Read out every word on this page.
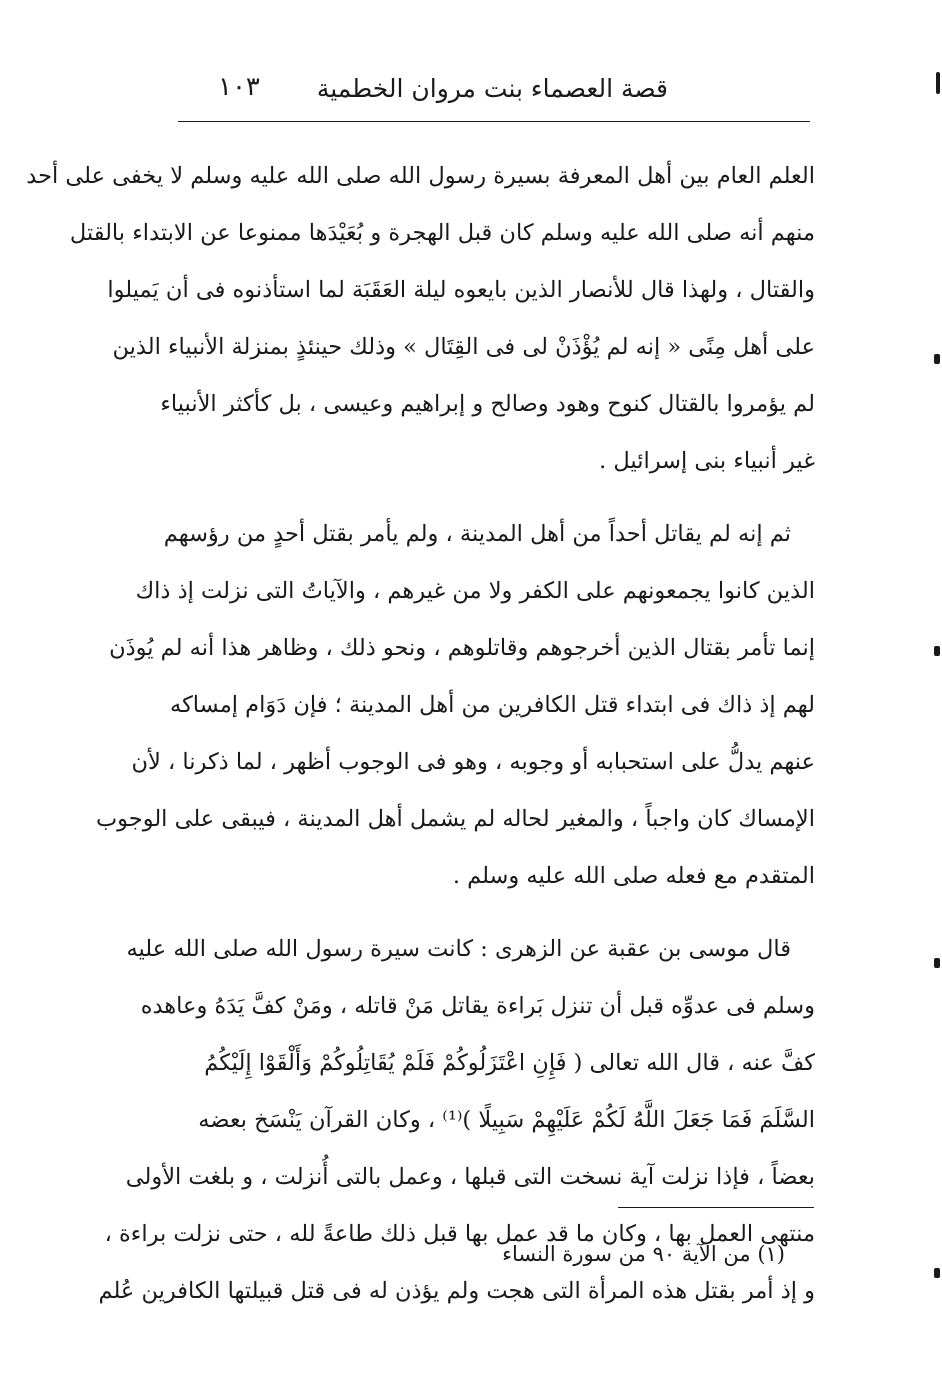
قصة العصماء بنت مروان الخطمية
١٠٣
العلم العام بين أهل المعرفة بسيرة رسول الله صلى الله عليه وسلم لا يخفى على أحد
منهم أنه صلى الله عليه وسلم كان قبل الهجرة و بُعَيْدَها ممنوعا عن الابتداء بالقتل
والقتال ، ولهذا قال للأنصار الذين بايعوه ليلة العَقَبَة لما استأذنوه فى أن يَميلوا
على أهل مِنًى « إنه لم يُؤْذَنْ لى فى القِتَال » وذلك حينئذٍ بمنزلة الأنبياء الذين
لم يؤمروا بالقتال كنوح وهود وصالح و إبراهيم وعيسى ، بل كأكثر الأنبياء
غير أنبياء بنى إسرائيل .
ثم إنه لم يقاتل أحداً من أهل المدينة ، ولم يأمر بقتل أحدٍ من رؤسهم
الذين كانوا يجمعونهم على الكفر ولا من غيرهم ، والآياتُ التى نزلت إذ ذاك
إنما تأمر بقتال الذين أخرجوهم وقاتلوهم ، ونحو ذلك ، وظاهر هذا أنه لم يُوذَن
لهم إذ ذاك فى ابتداء قتل الكافرين من أهل المدينة ؛ فإن دَوَام إمساكه
عنهم يدلُّ على استحبابه أو وجوبه ، وهو فى الوجوب أظهر ، لما ذكرنا ، لأن
الإمساك كان واجباً ، والمغير لحاله لم يشمل أهل المدينة ، فيبقى على الوجوب
المتقدم مع فعله صلى الله عليه وسلم .
قال موسى بن عقبة عن الزهرى : كانت سيرة رسول الله صلى الله عليه
وسلم فى عدوِّه قبل أن تنزل بَراءة يقاتل مَنْ قاتله ، ومَنْ كفَّ يَدَهُ وعاهده
كفَّ عنه ، قال الله تعالى ( فَإِنِ اعْتَزَلُوكُمْ فَلَمْ يُقَاتِلُوكُمْ وَأَلْقَوْا إِلَيْكُمُ
السَّلَمَ فَمَا جَعَلَ اللَّهُ لَكُمْ عَلَيْهِمْ سَبِيلًا )⁽¹⁾ ، وكان القرآن يَنْسَخ بعضه
بعضاً ، فإذا نزلت آية نسخت التى قبلها ، وعمل بالتى أُنزلت ، و بلغت الأولى
منتهى العمل بها ، وكان ما قد عمل بها قبل ذلك طاعةً لله ، حتى نزلت براءة ،
و إذ أمر بقتل هذه المرأة التى هجت ولم يؤذن له فى قتل قبيلتها الكافرين عُلم
(١) من الآية ٩٠ من سورة النساء
